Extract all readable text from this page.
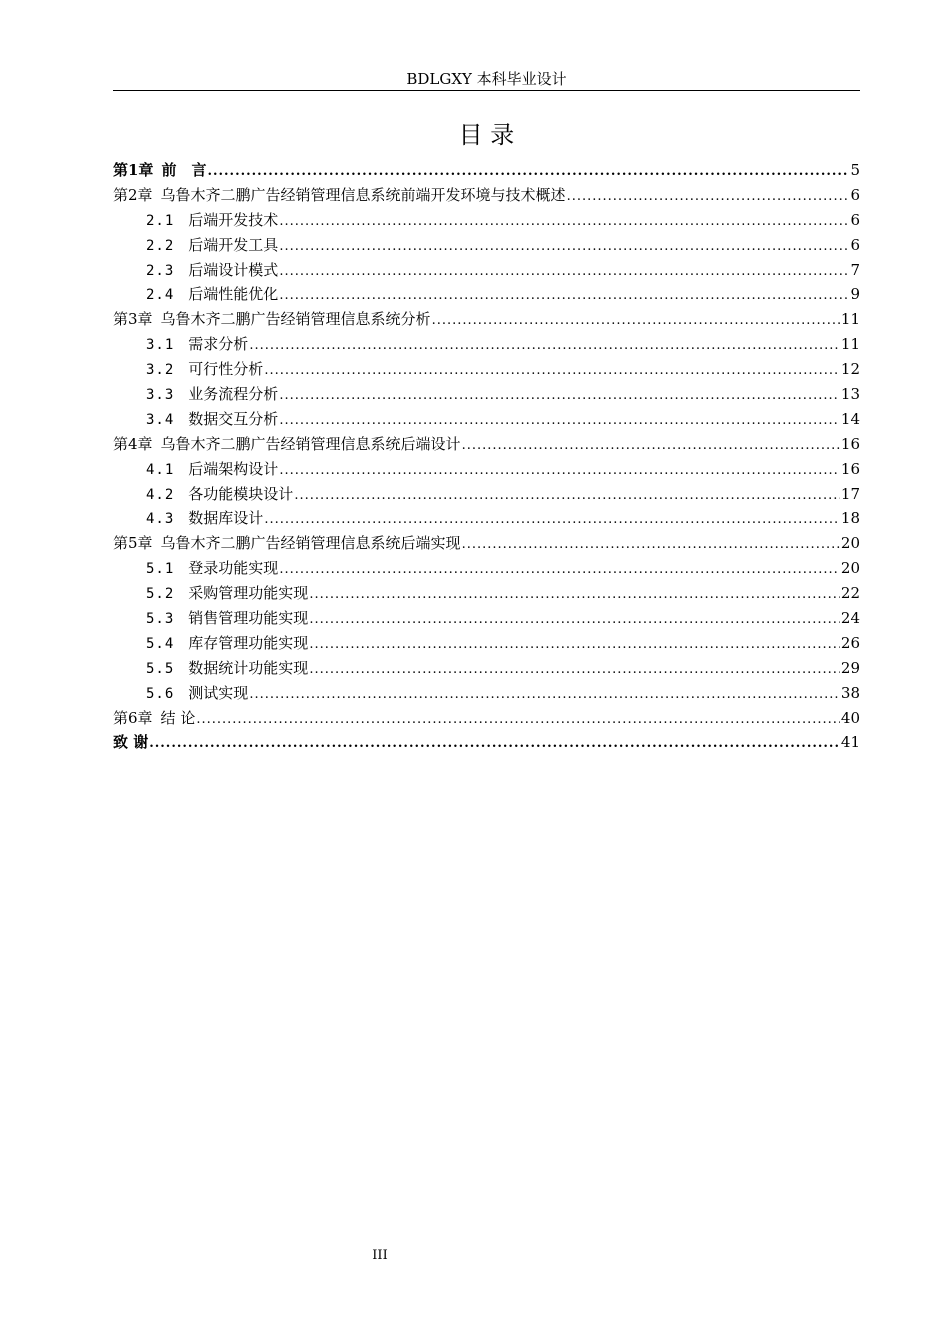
BDLGXY 本科毕业设计
目 录
第1章 前　言 .....	5
第2章 乌鲁木齐二鹏广告经销管理信息系统前端开发环境与技术概述 .....	6
2.1 后端开发技术 .....	6
2.2 后端开发工具 .....	6
2.3 后端设计模式 .....	7
2.4 后端性能优化 .....	9
第3章 乌鲁木齐二鹏广告经销管理信息系统分析 .....	11
3.1 需求分析 .....	11
3.2 可行性分析 .....	12
3.3 业务流程分析 .....	13
3.4 数据交互分析 .....	14
第4章 乌鲁木齐二鹏广告经销管理信息系统后端设计 .....	16
4.1 后端架构设计 .....	16
4.2 各功能模块设计 .....	17
4.3 数据库设计 .....	18
第5章 乌鲁木齐二鹏广告经销管理信息系统后端实现 .....	20
5.1 登录功能实现 .....	20
5.2 采购管理功能实现 .....	22
5.3 销售管理功能实现 .....	24
5.4 库存管理功能实现 .....	26
5.5 数据统计功能实现 .....	29
5.6 测试实现 .....	38
第6章 结 论 .....	40
致 谢 .....	41
III
